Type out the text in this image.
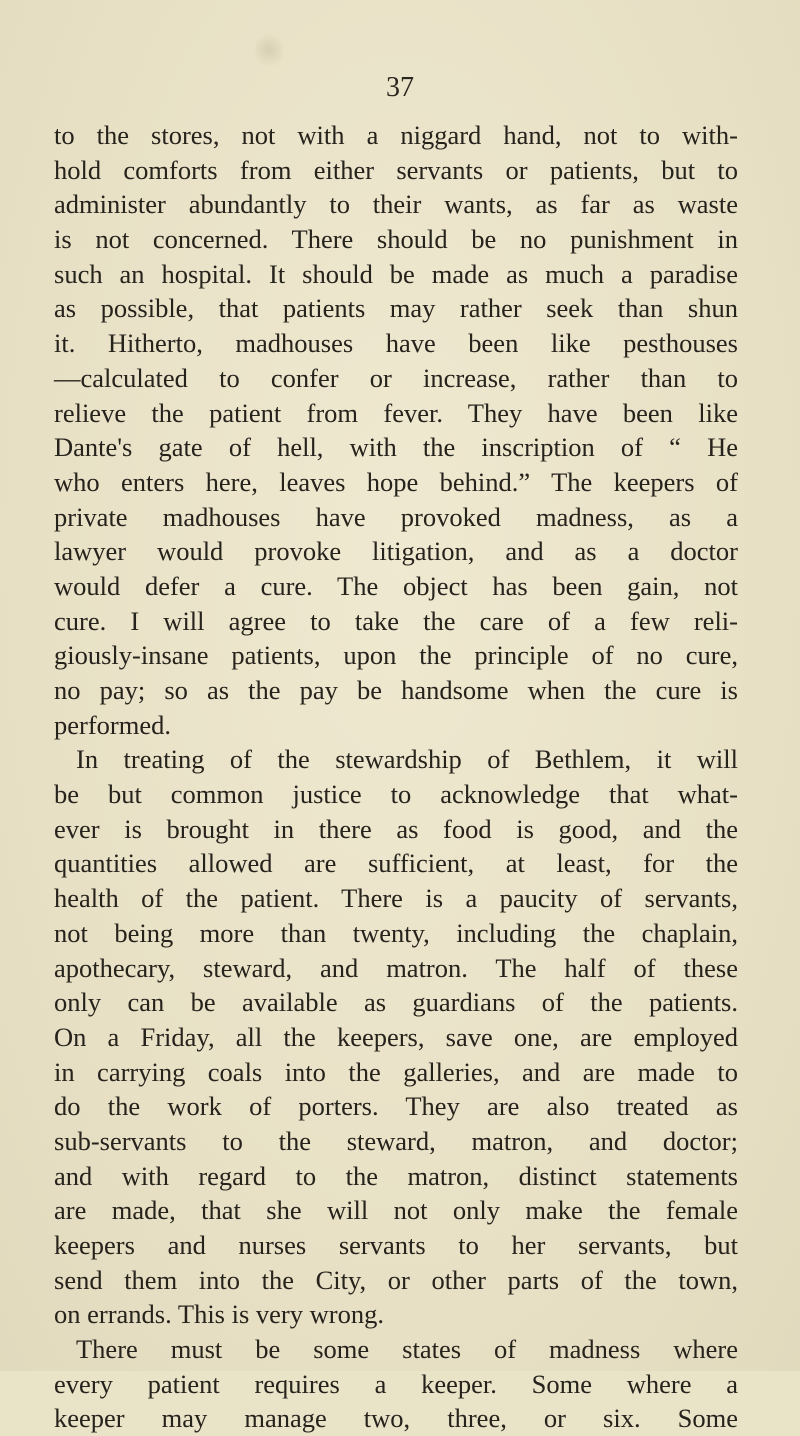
37
to the stores, not with a niggard hand, not to with-
hold comforts from either servants or patients, but to
administer abundantly to their wants, as far as waste
is not concerned. There should be no punishment in
such an hospital. It should be made as much a paradise
as possible, that patients may rather seek than shun
it. Hitherto, madhouses have been like pesthouses
—calculated to confer or increase, rather than to
relieve the patient from fever. They have been like
Dante's gate of hell, with the inscription of “ He
who enters here, leaves hope behind.” The keepers of
private madhouses have provoked madness, as a
lawyer would provoke litigation, and as a doctor
would defer a cure. The object has been gain, not
cure. I will agree to take the care of a few reli-
giously-insane patients, upon the principle of no cure,
no pay; so as the pay be handsome when the cure is
performed.
In treating of the stewardship of Bethlem, it will
be but common justice to acknowledge that what-
ever is brought in there as food is good, and the
quantities allowed are sufficient, at least, for the
health of the patient. There is a paucity of servants,
not being more than twenty, including the chaplain,
apothecary, steward, and matron. The half of these
only can be available as guardians of the patients.
On a Friday, all the keepers, save one, are employed
in carrying coals into the galleries, and are made to
do the work of porters. They are also treated as
sub-servants to the steward, matron, and doctor;
and with regard to the matron, distinct statements
are made, that she will not only make the female
keepers and nurses servants to her servants, but
send them into the City, or other parts of the town,
on errands. This is very wrong.
There must be some states of madness where
every patient requires a keeper. Some where a
keeper may manage two, three, or six. Some
